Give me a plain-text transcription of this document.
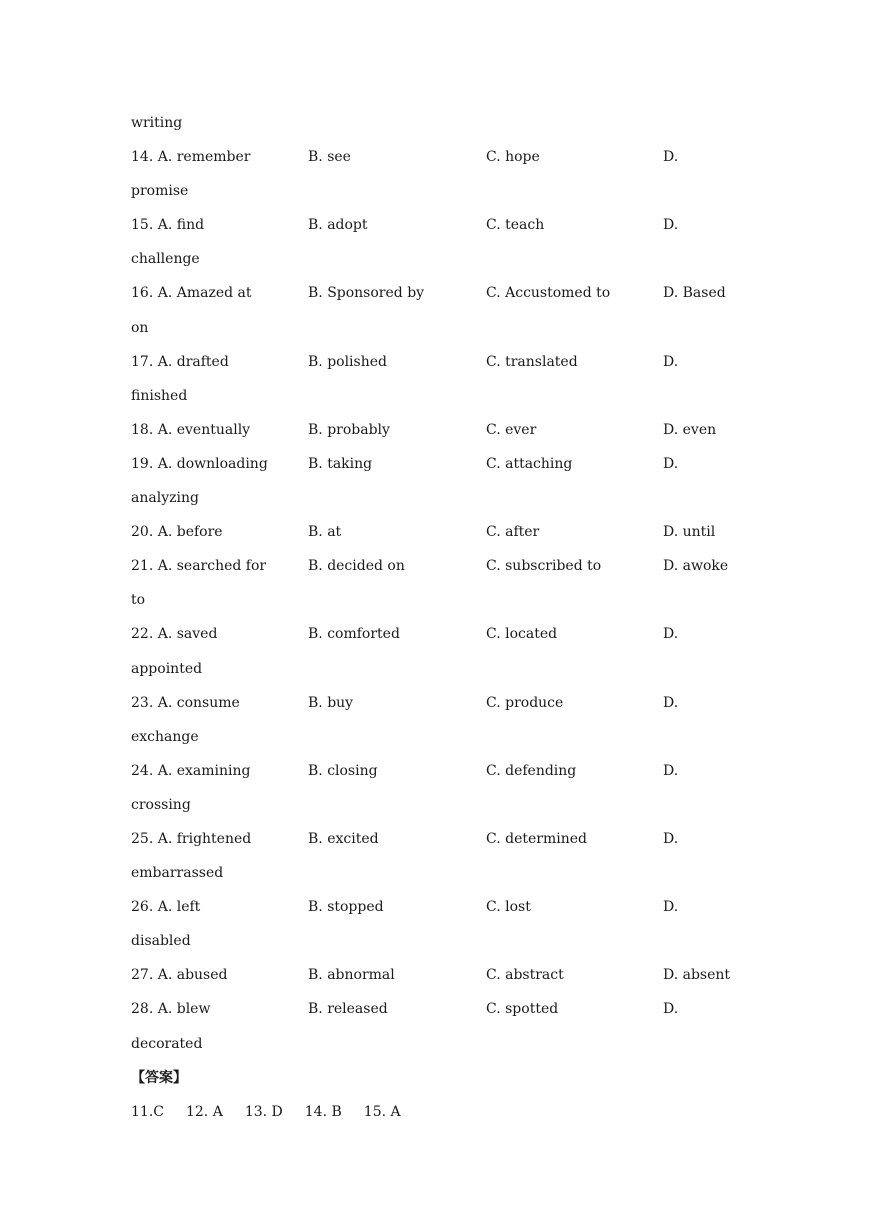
writing
14. A. remember	B. see	C. hope	D.
promise
15. A. find	B. adopt	C. teach	D.
challenge
16. A. Amazed at	B. Sponsored by	C. Accustomed to	D. Based
on
17. A. drafted	B. polished	C. translated	D.
finished
18. A. eventually	B. probably	C. ever	D. even
19. A. downloading	B. taking	C. attaching	D.
analyzing
20. A. before	B. at	C. after	D. until
21. A. searched for	B. decided on	C. subscribed to	D. awoke
to
22. A. saved	B. comforted	C. located	D.
appointed
23. A. consume	B. buy	C. produce	D.
exchange
24. A. examining	B. closing	C. defending	D.
crossing
25. A. frightened	B. excited	C. determined	D.
embarrassed
26. A. left	B. stopped	C. lost	D.
disabled
27. A. abused	B. abnormal	C. abstract	D. absent
28. A. blew	B. released	C. spotted	D.
decorated
【答案】
11.C 12. A 13. D 14. B 15. A
